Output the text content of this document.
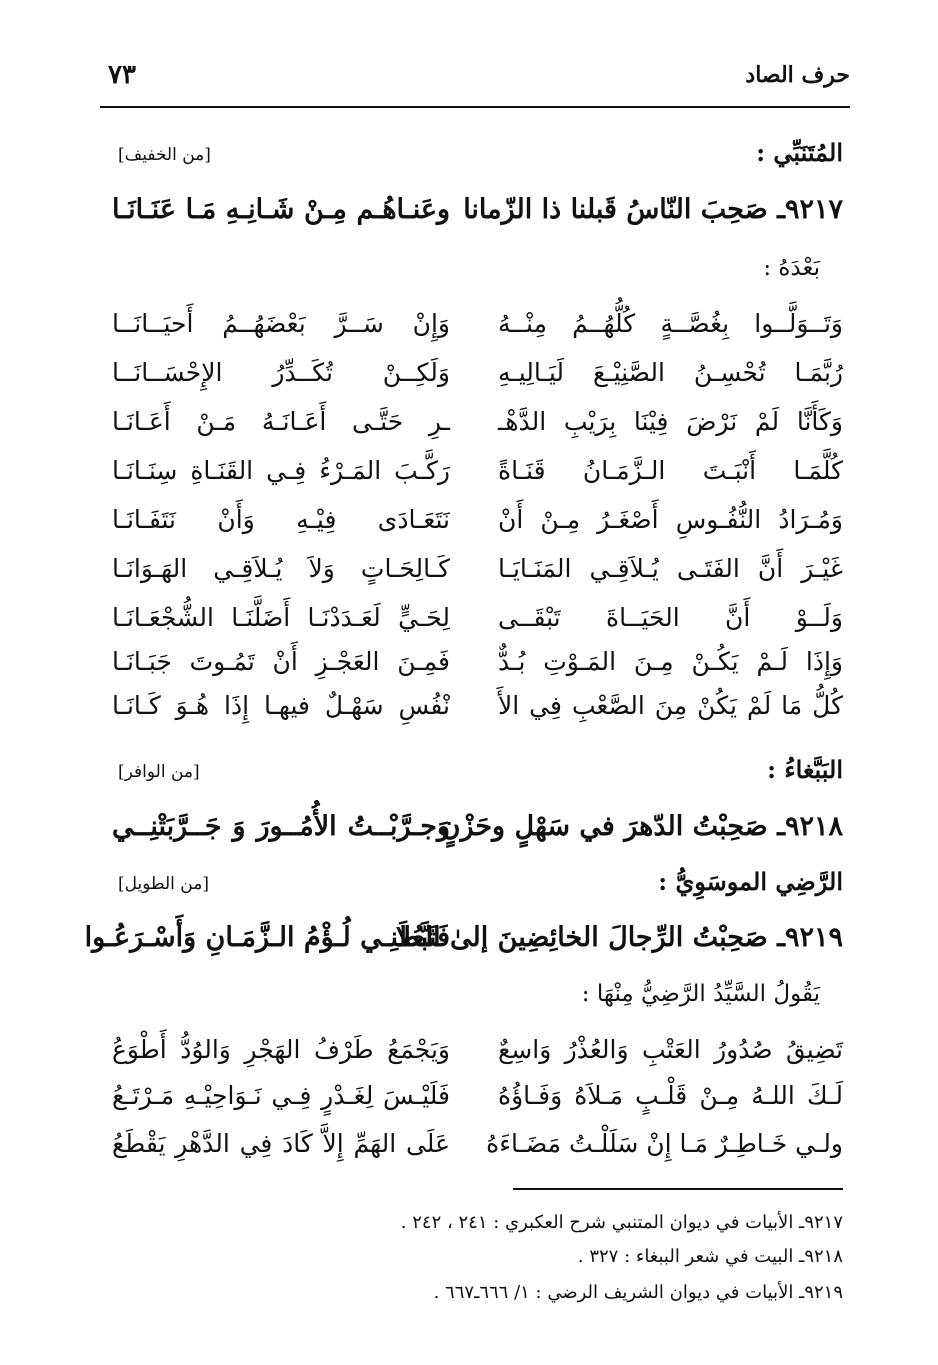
حرف الصاد
٧٣
المُتَنَبِّي :
[من الخفيف]
٩٢١٧ـ صَحِبَ النّاسُ قَبلنا ذا الزّمانا
وعَنـاهُـم مِـنْ شَـانِـهِ مَـا عَنَـانَـا
بَعْدَهُ :
وَتَــوَلَّــوا بِغُصَّــةٍ كُلُّهُــمُ مِنْــهُ
وَإِنْ سَــرَّ بَعْضَهُــمُ أَحيَــانَــا
رُبَّمَـا تُحْسِـنُ الصَّنِيْـعَ لَيَـالِيـهِ
وَلَكِــنْ تُكَــدِّرُ الإِحْسَــانَــا
وَكَأَنَّا لَمْ نَرْضَ فِيْنَا بِرَيْبِ الدَّهْـ
ـرِ حَتَّـى أَعَـانَـهُ مَـنْ أَعَـانَـا
كُلَّمَـا أَنْبَـتَ الـزَّمَـانُ قَنَـاةً
رَكَّـبَ المَـرْءُ فِـي القَنَـاةِ سِنَـانَـا
وَمُـرَادُ النُّفُـوسِ أَصْغَـرُ مِـنْ أَنْ
نَتَعَـادَى فِيْـهِ وَأَنْ نَتَفَـانَـا
غَيْـرَ أَنَّ الفَتَـى يُـلاَقِـي المَنَـايَـا
كَـالِحَـاتٍ وَلاَ يُـلاَقِـي الهَـوَانَـا
وَلَــوْ أَنَّ الحَيَــاةَ تَبْقَــى
لِحَـيٍّ لَعَـدَدْنَـا أَضَلَّنَـا الشُّجْعَـانَـا
وَإِذَا لَـمْ يَكُـنْ مِـنَ المَـوْتِ بُـدٌّ
فَمِـنَ العَجْـزِ أَنْ تَمُـوتَ جَبَـانَـا
كُلُّ مَا لَمْ يَكُنْ مِنَ الصَّعْبِ فِي الأَ
نْفُسِ سَهْـلٌ فيهـا إِذَا هُـوَ كَـانَـا
البَبَّغاءُ :
[من الوافر]
٩٢١٨ـ صَحِبْتُ الدّهرَ في سَهْلٍ وحَزْنٍ
وَجـرَّبْــتُ الأُمُــورَ وَ جَــرَّبَتْنِــي
الرَّضِي الموسَوِيُّ :
[من الطويل]
٩٢١٩ـ صَحِبْتُ الرِّجالَ الخائِضِينَ إلىٰ العُلا
فَثَبَّطَنِـي لُـؤْمُ الـزَّمَـانِ وَأَسْـرَعُـوا
يَقُولُ السَّيِّدُ الرَّضِيُّ مِنْهَا :
تَضِيقُ صُدُورُ العَتْبِ وَالعُذْرُ وَاسِعٌ
وَيَجْمَعُ طَرْفُ الهَجْرِ وَالوُدُّ أَطْوَعُ
لَـكَ اللـهُ مِـنْ قَلْـبٍ مَـلاَهُ وَفَـاؤُهُ
فَلَيْـسَ لِغَـدْرٍ فِـي نَـوَاحِيْـهِ مَـرْتَـعُ
ولـي خَـاطِـرٌ مَـا إِنْ سَلَلْـتُ مَضَـاءَهُ
عَلَى الهَمِّ إِلاَّ كَادَ فِي الدَّهْرِ يَقْطَعُ
٩٢١٧ـ الأبيات في ديوان المتنبي شرح العكبري : ٢٤١ ، ٢٤٢ .
٩٢١٨ـ البيت في شعر الببغاء : ٣٢٧ .
٩٢١٩ـ الأبيات في ديوان الشريف الرضي : ١/ ٦٦٦ـ٦٦٧ .
